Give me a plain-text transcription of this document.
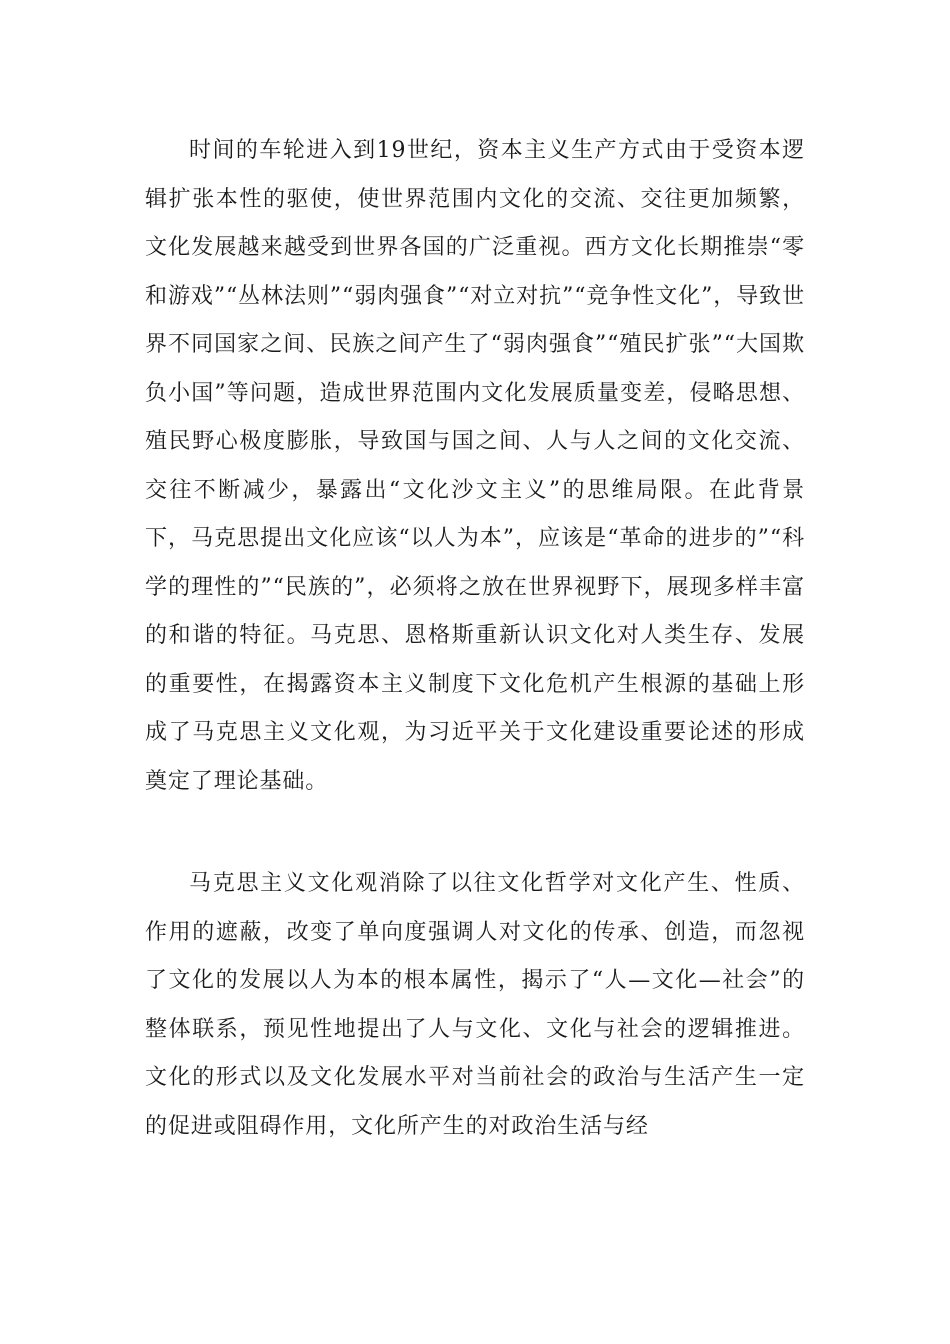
时间的车轮进入到19世纪，资本主义生产方式由于受资本逻辑扩张本性的驱使，使世界范围内文化的交流、交往更加频繁，文化发展越来越受到世界各国的广泛重视。西方文化长期推崇“零和游戏”“丛林法则”“弱肉强食”“对立对抗”“竞争性文化”，导致世界不同国家之间、民族之间产生了“弱肉强食”“殖民扩张”“大国欺负小国”等问题，造成世界范围内文化发展质量变差，侵略思想、殖民野心极度膨胀，导致国与国之间、人与人之间的文化交流、交往不断减少，暴露出“文化沙文主义”的思维局限。在此背景下，马克思提出文化应该“以人为本”，应该是“革命的进步的”“科学的理性的”“民族的”，必须将之放在世界视野下，展现多样丰富的和谐的特征。马克思、恩格斯重新认识文化对人类生存、发展的重要性，在揭露资本主义制度下文化危机产生根源的基础上形成了马克思主义文化观，为习近平关于文化建设重要论述的形成奠定了理论基础。

马克思主义文化观消除了以往文化哲学对文化产生、性质、作用的遮蔽，改变了单向度强调人对文化的传承、创造，而忽视了文化的发展以人为本的根本属性，揭示了“人—文化—社会”的整体联系，预见性地提出了人与文化、文化与社会的逻辑推进。文化的形式以及文化发展水平对当前社会的政治与生活产生一定的促进或阻碍作用，文化所产生的对政治生活与经
